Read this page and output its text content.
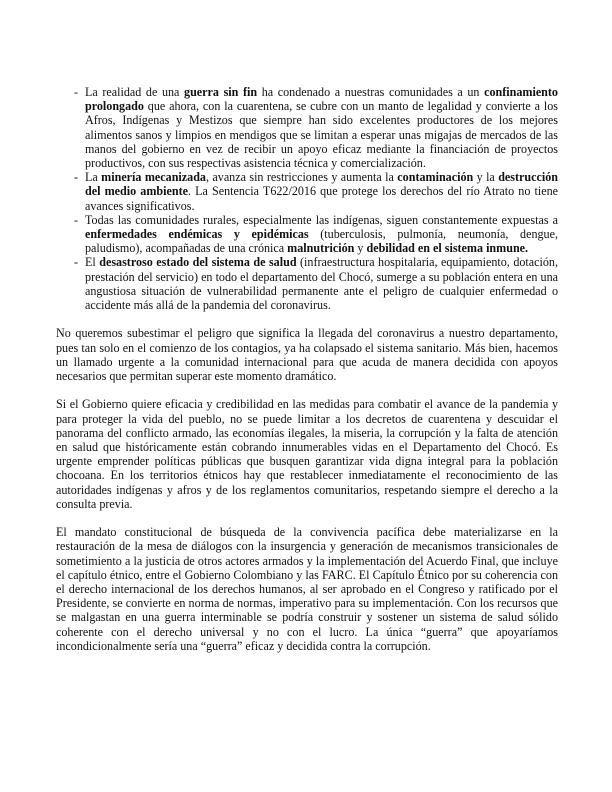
- La realidad de una guerra sin fin ha condenado a nuestras comunidades a un confinamiento prolongado que ahora, con la cuarentena, se cubre con un manto de legalidad y convierte a los Afros, Indígenas y Mestizos que siempre han sido excelentes productores de los mejores alimentos sanos y limpios en mendigos que se limitan a esperar unas migajas de mercados de las manos del gobierno en vez de recibir un apoyo eficaz mediante la financiación de proyectos productivos, con sus respectivas asistencia técnica y comercialización.
- La minería mecanizada, avanza sin restricciones y aumenta la contaminación y la destrucción del medio ambiente. La Sentencia T622/2016 que protege los derechos del río Atrato no tiene avances significativos.
- Todas las comunidades rurales, especialmente las indígenas, siguen constantemente expuestas a enfermedades endémicas y epidémicas (tuberculosis, pulmonía, neumonía, dengue, paludismo), acompañadas de una crónica malnutrición y debilidad en el sistema inmune.
- El desastroso estado del sistema de salud (infraestructura hospitalaria, equipamiento, dotación, prestación del servicio) en todo el departamento del Chocó, sumerge a su población entera en una angustiosa situación de vulnerabilidad permanente ante el peligro de cualquier enfermedad o accidente más allá de la pandemia del coronavirus.

No queremos subestimar el peligro que significa la llegada del coronavirus a nuestro departamento, pues tan solo en el comienzo de los contagios, ya ha colapsado el sistema sanitario. Más bien, hacemos un llamado urgente a la comunidad internacional para que acuda de manera decidida con apoyos necesarios que permitan superar este momento dramático.

Si el Gobierno quiere eficacia y credibilidad en las medidas para combatir el avance de la pandemia y para proteger la vida del pueblo, no se puede limitar a los decretos de cuarentena y descuidar el panorama del conflicto armado, las economías ilegales, la miseria, la corrupción y la falta de atención en salud que históricamente están cobrando innumerables vidas en el Departamento del Chocó. Es urgente emprender políticas públicas que busquen garantizar vida digna integral para la población chocoana. En los territorios étnicos hay que restablecer inmediatamente el reconocimiento de las autoridades indígenas y afros y de los reglamentos comunitarios, respetando siempre el derecho a la consulta previa.

El mandato constitucional de búsqueda de la convivencia pacífica debe materializarse en la restauración de la mesa de diálogos con la insurgencia y generación de mecanismos transicionales de sometimiento a la justicia de otros actores armados y la implementación del Acuerdo Final, que incluye el capítulo étnico, entre el Gobierno Colombiano y las FARC. El Capítulo Étnico por su coherencia con el derecho internacional de los derechos humanos, al ser aprobado en el Congreso y ratificado por el Presidente, se convierte en norma de normas, imperativo para su implementación. Con los recursos que se malgastan en una guerra interminable se podría construir y sostener un sistema de salud sólido coherente con el derecho universal y no con el lucro. La única “guerra” que apoyaríamos incondicionalmente sería una “guerra” eficaz y decidida contra la corrupción.
